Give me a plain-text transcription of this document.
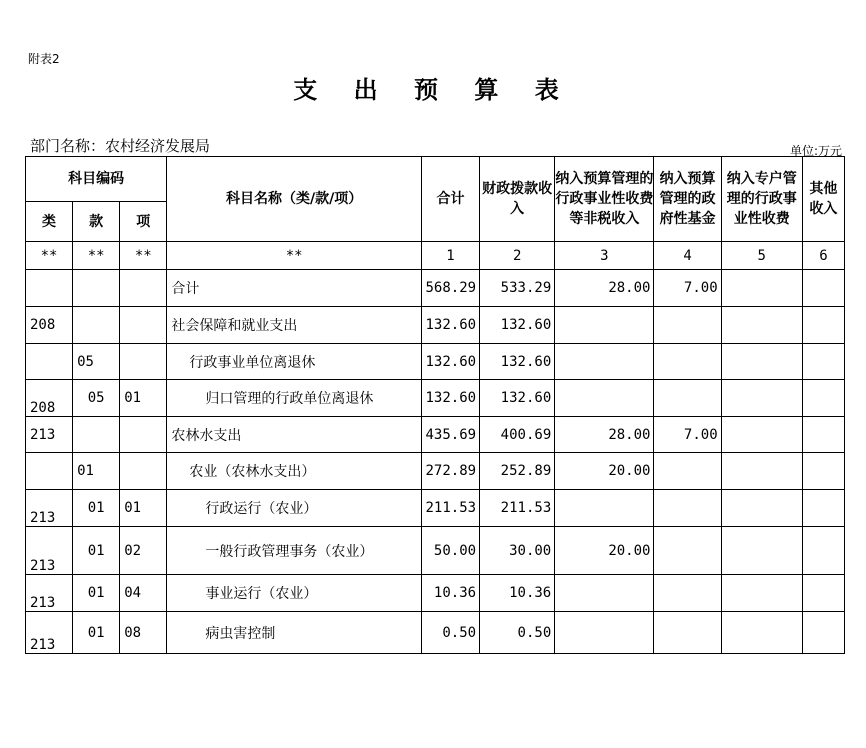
附表2
支 出 预 算 表
部门名称：农村经济发展局	单位:万元
科目编码			科目名称（类/款/项）	合计	财政拨款收入	纳入预算管理的行政事业性收费等非税收入	纳入预算管理的政府性基金	纳入专户管理的行政事业性收费	其他收入
类	款	项							
**	**	**	**	1	2	3	4	5	6
			合计	568.29	533.29	28.00	7.00		
208			社会保障和就业支出	132.60	132.60				
	05		行政事业单位离退休	132.60	132.60				
208	05	01	归口管理的行政单位离退休	132.60	132.60				
213			农林水支出	435.69	400.69	28.00	7.00		
	01		农业（农林水支出）	272.89	252.89	20.00			
213	01	01	行政运行（农业）	211.53	211.53				
213	01	02	一般行政管理事务（农业）	50.00	30.00	20.00			
213	01	04	事业运行（农业）	10.36	10.36				
213	01	08	病虫害控制	0.50	0.50				
